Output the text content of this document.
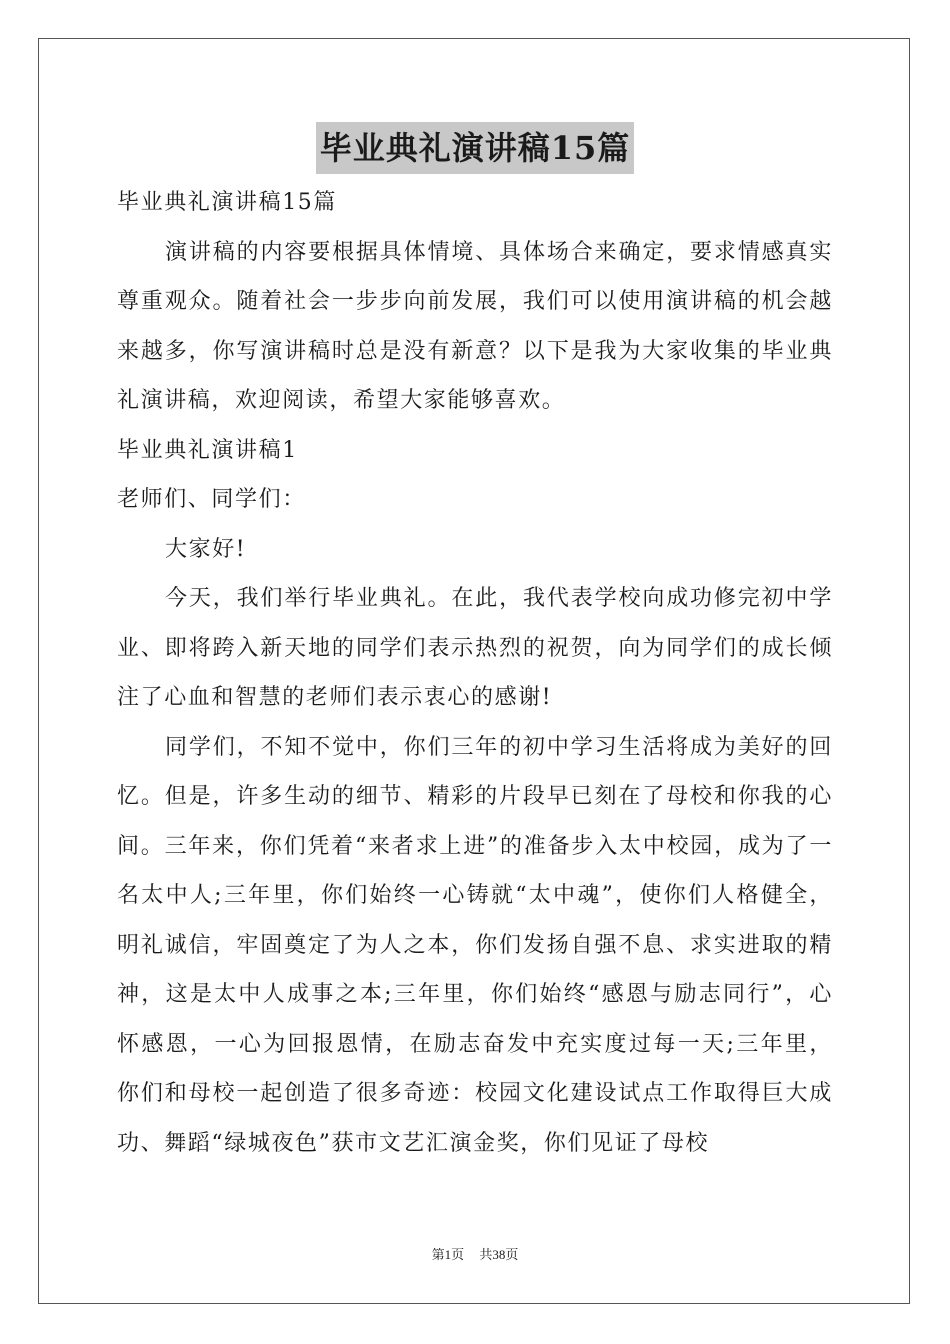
毕业典礼演讲稿15篇

毕业典礼演讲稿15篇

演讲稿的内容要根据具体情境、具体场合来确定，要求情感真实尊重观众。随着社会一步步向前发展，我们可以使用演讲稿的机会越来越多，你写演讲稿时总是没有新意？以下是我为大家收集的毕业典礼演讲稿，欢迎阅读，希望大家能够喜欢。

毕业典礼演讲稿1

老师们、同学们：

大家好!

今天，我们举行毕业典礼。在此，我代表学校向成功修完初中学业、即将跨入新天地的同学们表示热烈的祝贺，向为同学们的成长倾注了心血和智慧的老师们表示衷心的感谢!

同学们，不知不觉中，你们三年的初中学习生活将成为美好的回忆。但是，许多生动的细节、精彩的片段早已刻在了母校和你我的心间。三年来，你们凭着“来者求上进”的准备步入太中校园，成为了一名太中人;三年里，你们始终一心铸就“太中魂”，使你们人格健全，明礼诚信，牢固奠定了为人之本，你们发扬自强不息、求实进取的精神，这是太中人成事之本;三年里，你们始终“感恩与励志同行”，心怀感恩，一心为回报恩情，在励志奋发中充实度过每一天;三年里，你们和母校一起创造了很多奇迹：校园文化建设试点工作取得巨大成功、舞蹈“绿城夜色”获市文艺汇演金奖，你们见证了母校

第1页 共38页
